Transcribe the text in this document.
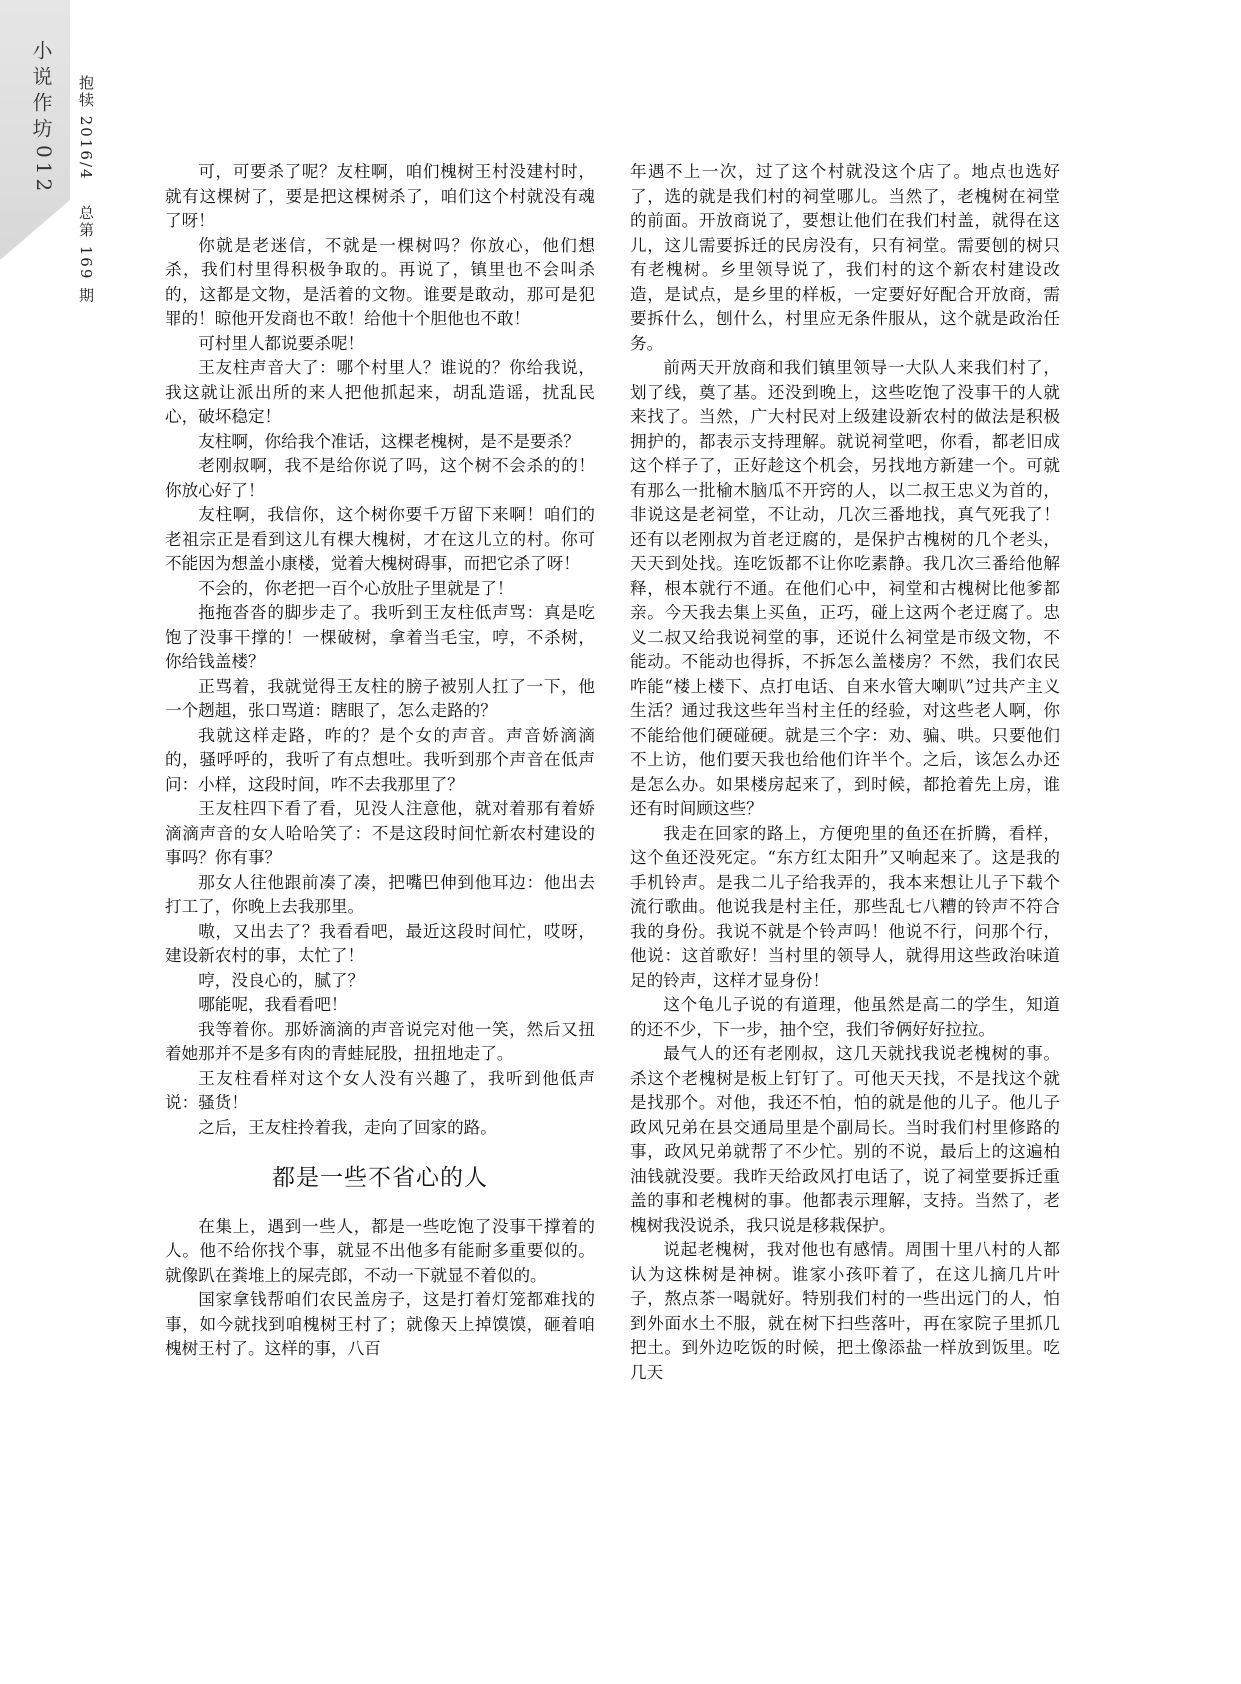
小说作坊
012 抱犊 2016/4 总第 169 期

可，可要杀了呢？友柱啊，咱们槐树王村没建村时，就有这棵树了，要是把这棵树杀了，咱们这个村就没有魂了呀！

你就是老迷信，不就是一棵树吗？你放心，他们想杀，我们村里得积极争取的。再说了，镇里也不会叫杀的，这都是文物，是活着的文物。谁要是敢动，那可是犯罪的！晾他开发商也不敢！给他十个胆他也不敢！

可村里人都说要杀呢！

王友柱声音大了：哪个村里人？谁说的？你给我说，我这就让派出所的来人把他抓起来，胡乱造谣，扰乱民心，破坏稳定！

友柱啊，你给我个准话，这棵老槐树，是不是要杀？

老刚叔啊，我不是给你说了吗，这个树不会杀的的！你放心好了！

友柱啊，我信你，这个树你要千万留下来啊！咱们的老祖宗正是看到这儿有棵大槐树，才在这儿立的村。你可不能因为想盖小康楼，觉着大槐树碍事，而把它杀了呀！

不会的，你老把一百个心放肚子里就是了！

拖拖沓沓的脚步走了。我听到王友柱低声骂：真是吃饱了没事干撑的！一棵破树，拿着当毛宝，哼，不杀树，你给钱盖楼？

正骂着，我就觉得王友柱的膀子被别人扛了一下，他一个趔趄，张口骂道：瞎眼了，怎么走路的？

我就这样走路，咋的？是个女的声音。声音娇滴滴的，骚呼呼的，我听了有点想吐。我听到那个声音在低声问：小样，这段时间，咋不去我那里了？

王友柱四下看了看，见没人注意他，就对着那有着娇滴滴声音的女人哈哈笑了：不是这段时间忙新农村建设的事吗？你有事？

那女人往他跟前凑了凑，把嘴巴伸到他耳边：他出去打工了，你晚上去我那里。

嗷，又出去了？我看看吧，最近这段时间忙，哎呀，建设新农村的事，太忙了！

哼，没良心的，腻了？

哪能呢，我看看吧！

我等着你。那娇滴滴的声音说完对他一笑，然后又扭着她那并不是多有肉的青蛙屁股，扭扭地走了。

王友柱看样对这个女人没有兴趣了，我听到他低声说：骚货！

之后，王友柱拎着我，走向了回家的路。

都是一些不省心的人

在集上，遇到一些人，都是一些吃饱了没事干撑着的人。他不给你找个事，就显不出他多有能耐多重要似的。就像趴在粪堆上的屎壳郎，不动一下就显不着似的。

国家拿钱帮咱们农民盖房子，这是打着灯笼都难找的事，如今就找到咱槐树王村了；就像天上掉馍馍，砸着咱槐树王村了。这样的事，八百

年遇不上一次，过了这个村就没这个店了。地点也选好了，选的就是我们村的祠堂哪儿。当然了，老槐树在祠堂的前面。开放商说了，要想让他们在我们村盖，就得在这儿，这儿需要拆迁的民房没有，只有祠堂。需要刨的树只有老槐树。乡里领导说了，我们村的这个新农村建设改造，是试点，是乡里的样板，一定要好好配合开放商，需要拆什么，刨什么，村里应无条件服从，这个就是政治任务。

前两天开放商和我们镇里领导一大队人来我们村了，划了线，奠了基。还没到晚上，这些吃饱了没事干的人就来找了。当然，广大村民对上级建设新农村的做法是积极拥护的，都表示支持理解。就说祠堂吧，你看，都老旧成这个样子了，正好趁这个机会，另找地方新建一个。可就有那么一批榆木脑瓜不开窍的人，以二叔王忠义为首的，非说这是老祠堂，不让动，几次三番地找，真气死我了！还有以老刚叔为首老迂腐的，是保护古槐树的几个老头，天天到处找。连吃饭都不让你吃素静。我几次三番给他解释，根本就行不通。在他们心中，祠堂和古槐树比他爹都亲。今天我去集上买鱼，正巧，碰上这两个老迂腐了。忠义二叔又给我说祠堂的事，还说什么祠堂是市级文物，不能动。不能动也得拆，不拆怎么盖楼房？不然，我们农民咋能“楼上楼下、点打电话、自来水管大喇叭”过共产主义生活？通过我这些年当村主任的经验，对这些老人啊，你不能给他们硬碰硬。就是三个字：劝、骗、哄。只要他们不上访，他们要天我也给他们许半个。之后，该怎么办还是怎么办。如果楼房起来了，到时候，都抢着先上房，谁还有时间顾这些？

我走在回家的路上，方便兜里的鱼还在折腾，看样，这个鱼还没死定。“东方红太阳升”又响起来了。这是我的手机铃声。是我二儿子给我弄的，我本来想让儿子下载个流行歌曲。他说我是村主任，那些乱七八糟的铃声不符合我的身份。我说不就是个铃声吗！他说不行，问那个行，他说：这首歌好！当村里的领导人，就得用这些政治味道足的铃声，这样才显身份！

这个龟儿子说的有道理，他虽然是高二的学生，知道的还不少，下一步，抽个空，我们爷俩好好拉拉。

最气人的还有老刚叔，这几天就找我说老槐树的事。杀这个老槐树是板上钉钉了。可他天天找，不是找这个就是找那个。对他，我还不怕，怕的就是他的儿子。他儿子政风兄弟在县交通局里是个副局长。当时我们村里修路的事，政风兄弟就帮了不少忙。别的不说，最后上的这遍柏油钱就没要。我昨天给政风打电话了，说了祠堂要拆迁重盖的事和老槐树的事。他都表示理解，支持。当然了，老槐树我没说杀，我只说是移栽保护。

说起老槐树，我对他也有感情。周围十里八村的人都认为这株树是神树。谁家小孩吓着了，在这儿摘几片叶子，熬点茶一喝就好。特别我们村的一些出远门的人，怕到外面水土不服，就在树下扫些落叶，再在家院子里抓几把土。到外边吃饭的时候，把土像添盐一样放到饭里。吃几天
